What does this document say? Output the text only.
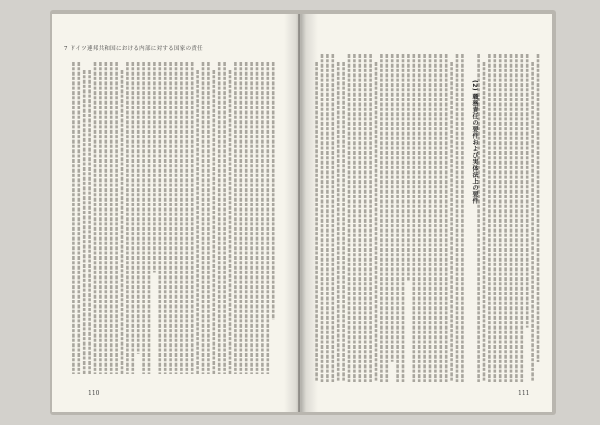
7 ドイツ連邦共和国における内部に対する国家の責任
110
(2) 職務責任の要件および実体法上の要件
111
